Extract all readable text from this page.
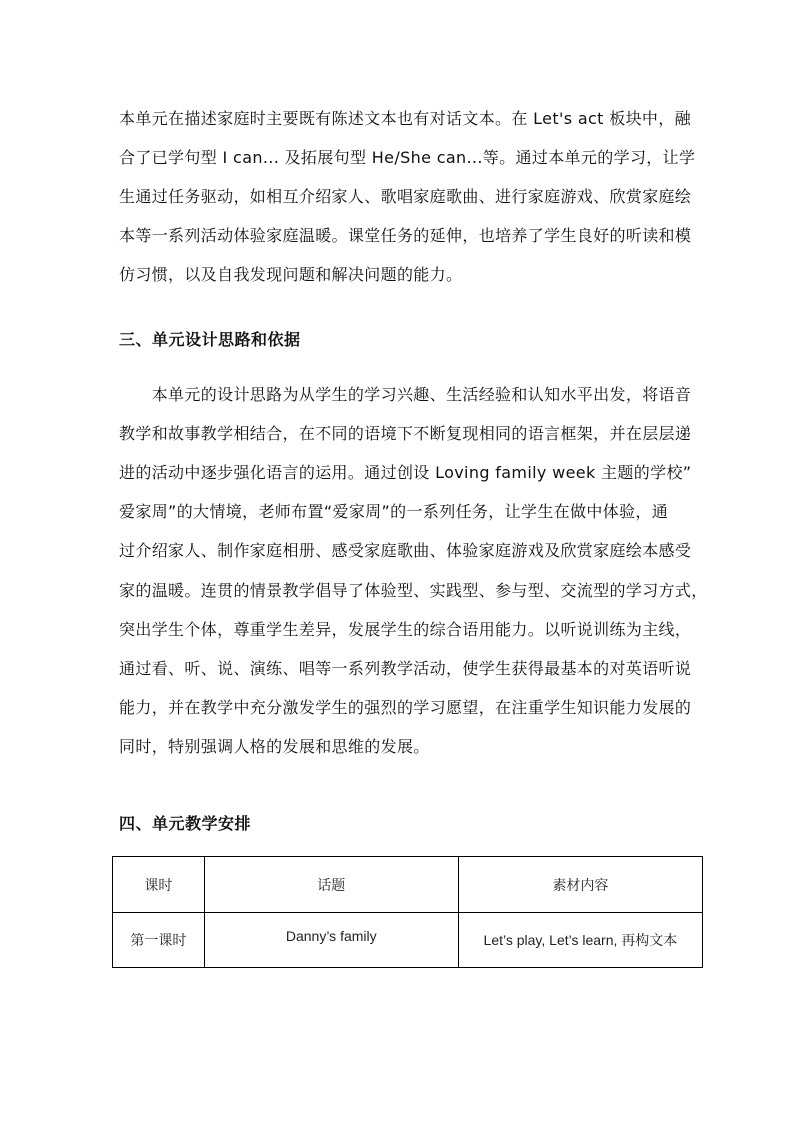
本单元在描述家庭时主要既有陈述文本也有对话文本。在 Let's act 板块中，融
合了已学句型 I can... 及拓展句型 He/She can...等。通过本单元的学习，让学
生通过任务驱动，如相互介绍家人、歌唱家庭歌曲、进行家庭游戏、欣赏家庭绘
本等一系列活动体验家庭温暖。课堂任务的延伸，也培养了学生良好的听读和模
仿习惯，以及自我发现问题和解决问题的能力。
三、单元设计思路和依据
　　本单元的设计思路为从学生的学习兴趣、生活经验和认知水平出发，将语音
教学和故事教学相结合，在不同的语境下不断复现相同的语言框架，并在层层递
进的活动中逐步强化语言的运用。通过创设 Loving family week 主题的学校”
爱家周”的大情境，老师布置“爱家周”的一系列任务，让学生在做中体验，通
过介绍家人、制作家庭相册、感受家庭歌曲、体验家庭游戏及欣赏家庭绘本感受
家的温暖。连贯的情景教学倡导了体验型、实践型、参与型、交流型的学习方式，
突出学生个体，尊重学生差异，发展学生的综合语用能力。以听说训练为主线，
通过看、听、说、演练、唱等一系列教学活动，使学生获得最基本的对英语听说
能力，并在教学中充分激发学生的强烈的学习愿望，在注重学生知识能力发展的
同时，特别强调人格的发展和思维的发展。
四、单元教学安排
课时	话题	素材内容
第一课时	Danny’s family	Let’s play, Let’s learn, 再构文本
